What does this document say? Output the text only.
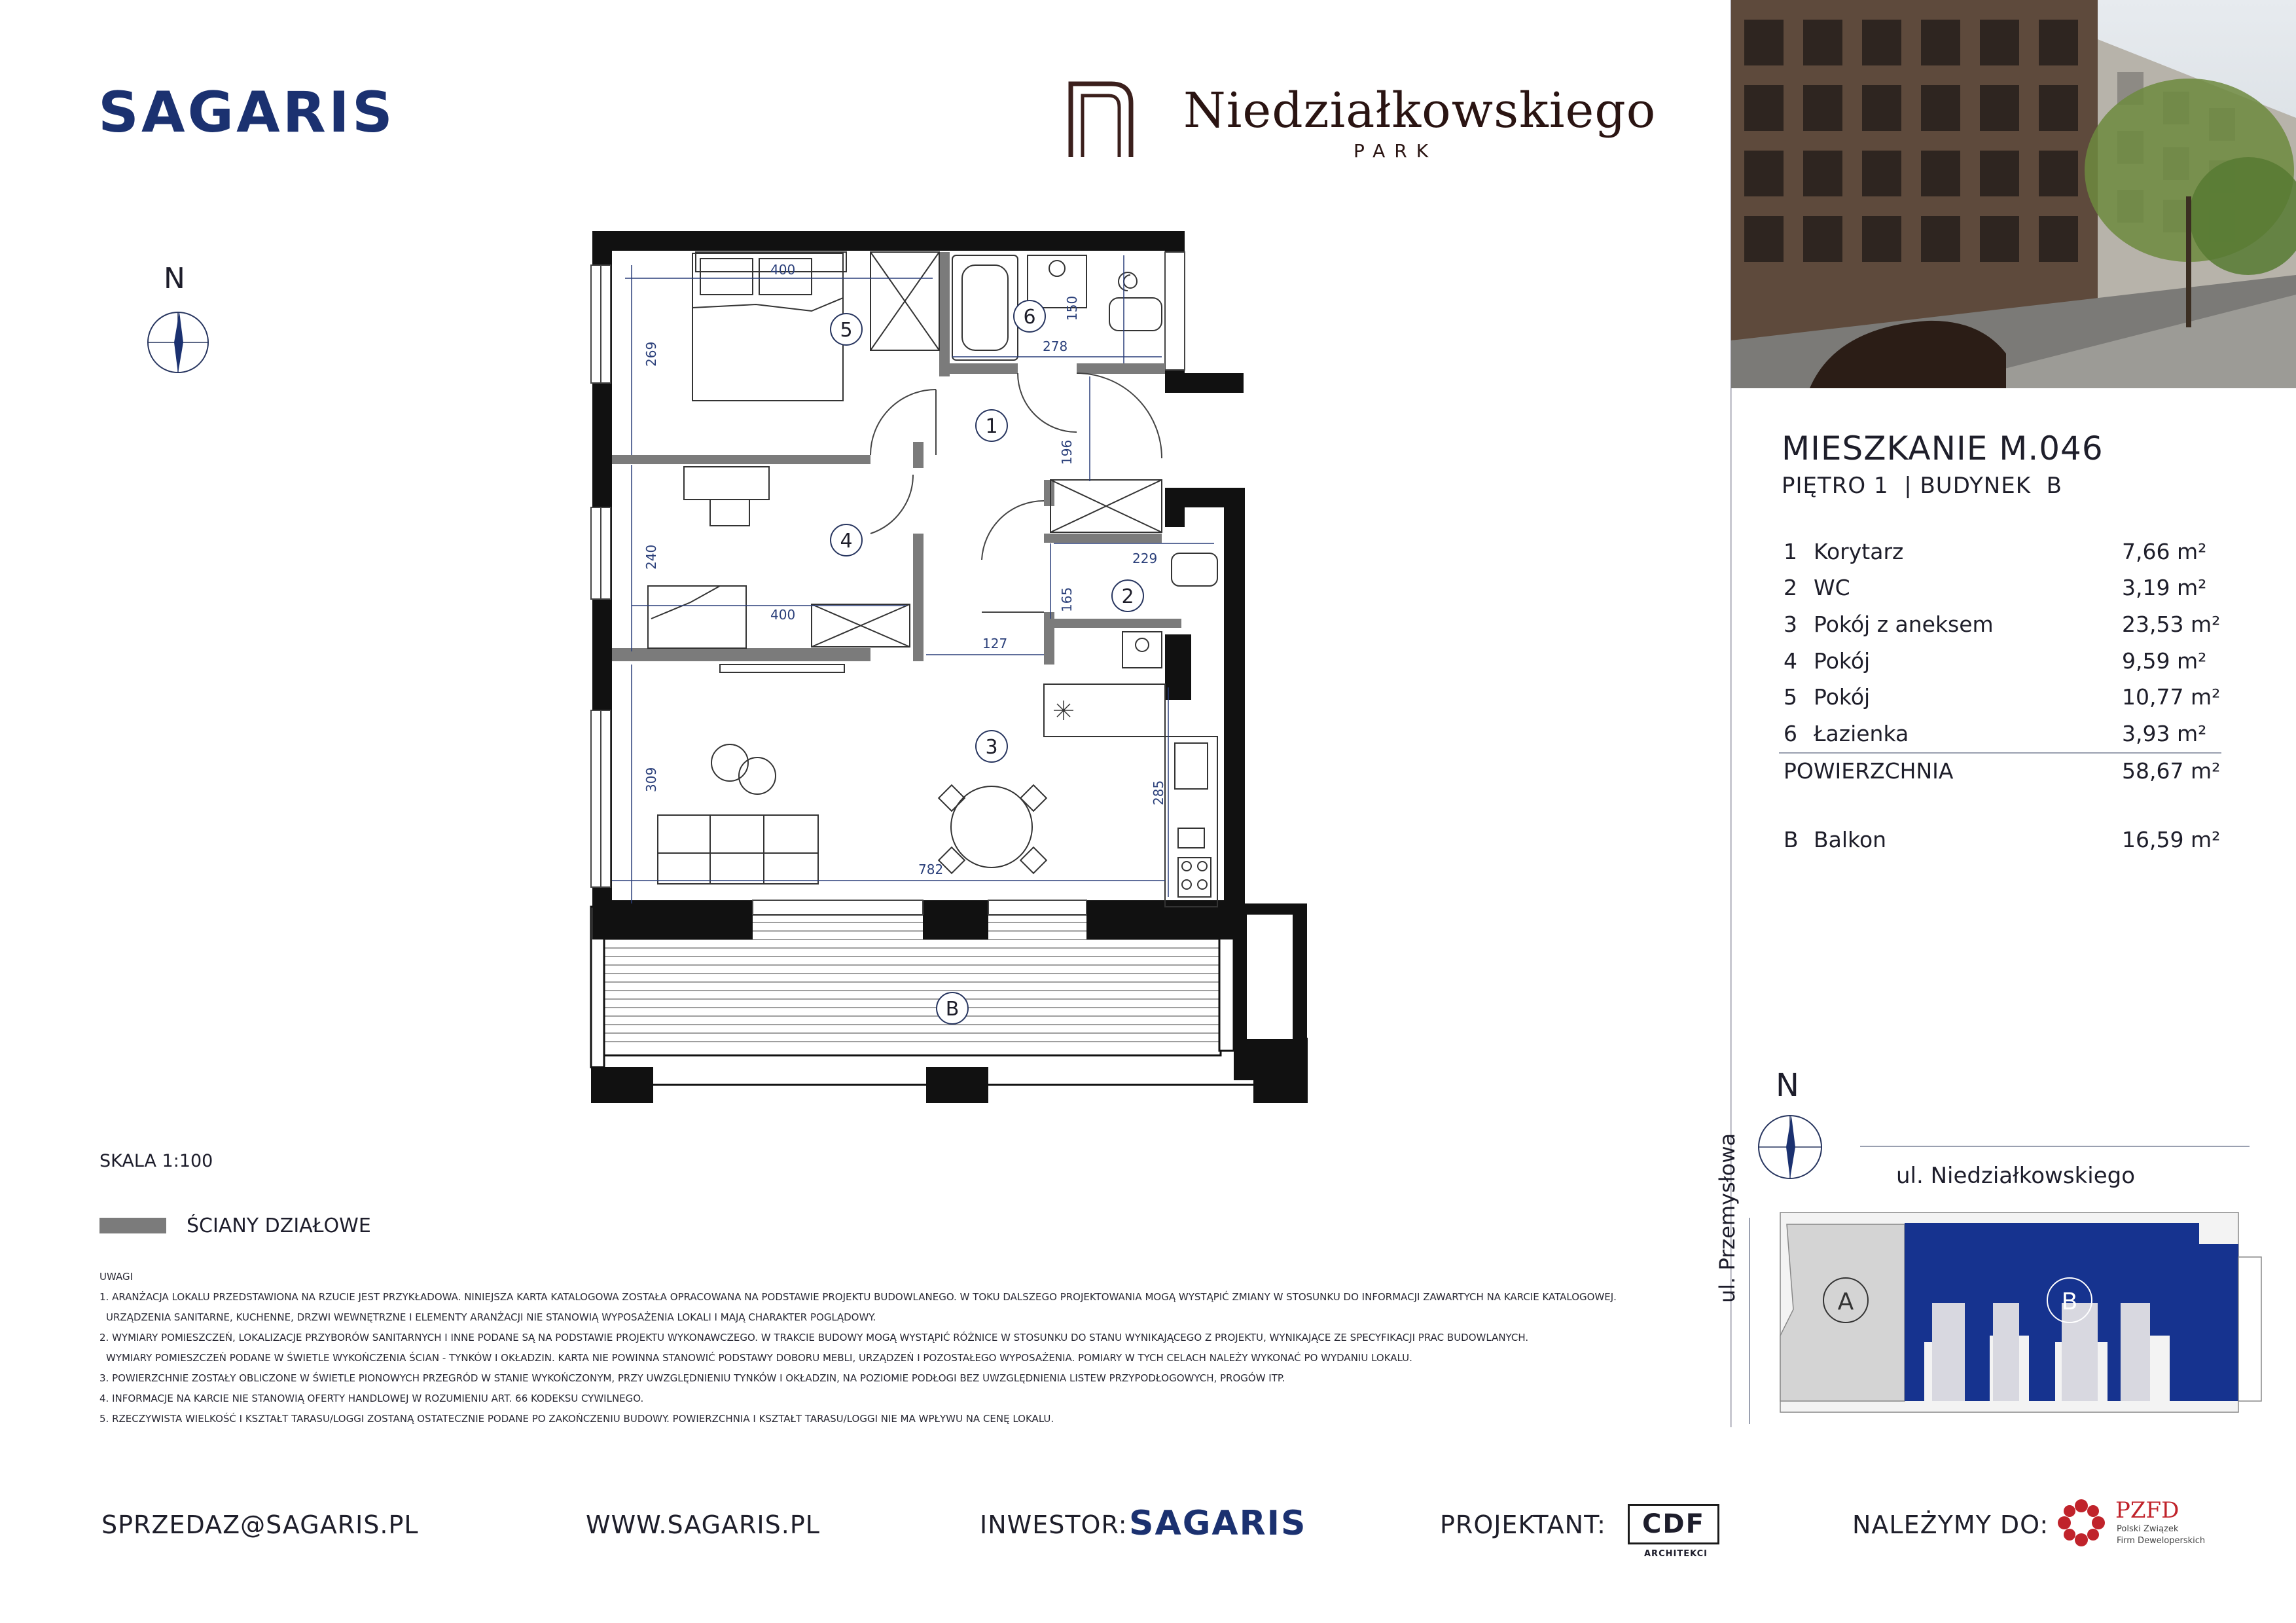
SAGARIS	Niedziałkowskiego
PARK
MIESZKANIE M.046
PIĘTRO 1  | BUDYNEK  B
1 Korytarz	7,66 m²
2 WC	3,19 m²
3 Pokój z aneksem	23,53 m²
4 Pokój	9,59 m²
5 Pokój	10,77 m²
6 Łazienka	3,93 m²
POWIERZCHNIA	58,67 m²
B Balkon	16,59 m²
N	400
269
150
278
196
240	229
400
165
127
309
285
782
1
2
3
4
5
6
B
SKALA 1:100
ŚCIANY DZIAŁOWE
UWAGI
1. ARANŻACJA LOKALU PRZEDSTAWIONA NA RZUCIE JEST PRZYKŁADOWA. NINIEJSZA KARTA KATALOGOWA ZOSTAŁA OPRACOWANA NA PODSTAWIE PROJEKTU BUDOWLANEGO. W TOKU DALSZEGO PROJEKTOWANIA MOGĄ WYSTĄPIĆ ZMIANY W STOSUNKU DO INFORMACJI ZAWARTYCH NA KARCIE KATALOGOWEJ.
URZĄDZENIA SANITARNE, KUCHENNE, DRZWI WEWNĘTRZNE I ELEMENTY ARANŻACJI NIE STANOWIĄ WYPOSAŻENIA LOKALI I MAJĄ CHARAKTER POGLĄDOWY.
2. WYMIARY POMIESZCZEŃ, LOKALIZACJE PRZYBORÓW SANITARNYCH I INNE PODANE SĄ NA PODSTAWIE PROJEKTU WYKONAWCZEGO. W TRAKCIE BUDOWY MOGĄ WYSTĄPIĆ RÓŻNICE W STOSUNKU DO STANU WYNIKAJĄCEGO Z PROJEKTU, WYNIKAJĄCE ZE SPECYFIKACJI PRAC BUDOWLANYCH.
WYMIARY POMIESZCZEŃ PODANE W ŚWIETLE WYKOŃCZENIA ŚCIAN - TYNKÓW I OKŁADZIN. KARTA NIE POWINNA STANOWIĆ PODSTAWY DOBORU MEBLI, URZĄDZEŃ I POZOSTAŁEGO WYPOSAŻENIA. POMIARY W TYCH CELACH NALEŻY WYKONAĆ PO WYDANIU LOKALU.
3. POWIERZCHNIE ZOSTAŁY OBLICZONE W ŚWIETLE PIONOWYCH PRZEGRÓD W STANIE WYKOŃCZONYM, PRZY UWZGLĘDNIENIU TYNKÓW I OKŁADZIN, NA POZIOMIE PODŁOGI BEZ UWZGLĘDNIENIA LISTEW PRZYPODŁOGOWYCH, PROGÓW ITP.
4. INFORMACJE NA KARCIE NIE STANOWIĄ OFERTY HANDLOWEJ W ROZUMIENIU ART. 66 KODEKSU CYWILNEGO.
5. RZECZYWISTA WIELKOŚĆ I KSZTAŁT TARASU/LOGGI ZOSTANĄ OSTATECZNIE PODANE PO ZAKOŃCZENIU BUDOWY. POWIERZCHNIA I KSZTAŁT TARASU/LOGGI NIE MA WPŁYWU NA CENĘ LOKALU.
N
ul. Niedziałkowskiego
ul. Przemysłowa	A	B
SPRZEDAZ@SAGARIS.PL	WWW.SAGARIS.PL	INWESTOR: SAGARIS	PROJEKTANT:	CDF
ARCHITEKCI
NALEŻYMY DO:	PZFD
Polski Związek
Firm Deweloperskich
